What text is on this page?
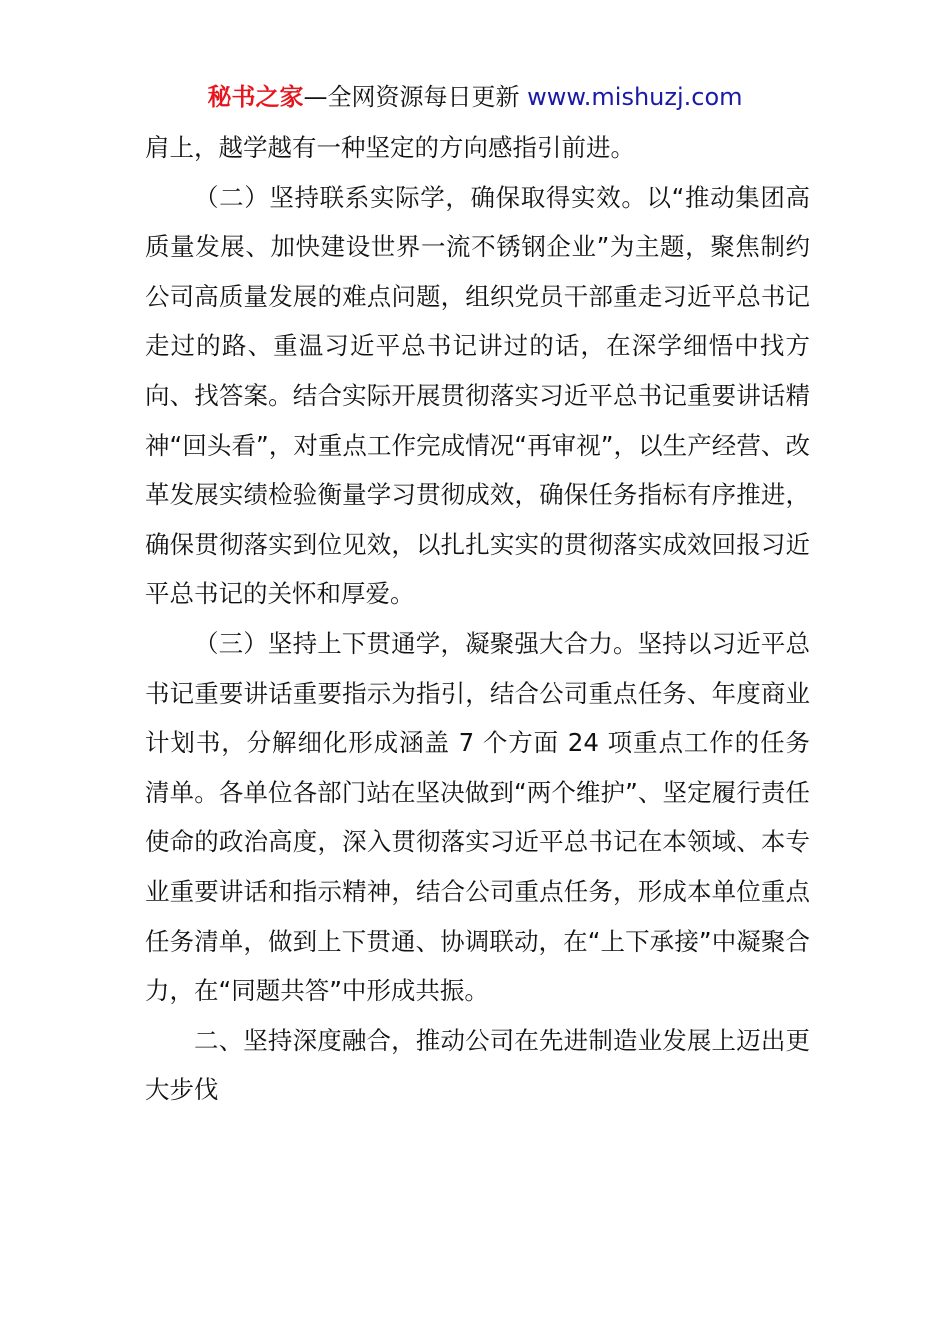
秘书之家—全网资源每日更新 www.mishuzj.com

肩上，越学越有一种坚定的方向感指引前进。

（二）坚持联系实际学，确保取得实效。以“推动集团高质量发展、加快建设世界一流不锈钢企业”为主题，聚焦制约公司高质量发展的难点问题，组织党员干部重走习近平总书记走过的路、重温习近平总书记讲过的话，在深学细悟中找方向、找答案。结合实际开展贯彻落实习近平总书记重要讲话精神“回头看”，对重点工作完成情况“再审视”，以生产经营、改革发展实绩检验衡量学习贯彻成效，确保任务指标有序推进，确保贯彻落实到位见效，以扎扎实实的贯彻落实成效回报习近平总书记的关怀和厚爱。

（三）坚持上下贯通学，凝聚强大合力。坚持以习近平总书记重要讲话重要指示为指引，结合公司重点任务、年度商业计划书，分解细化形成涵盖 7 个方面 24 项重点工作的任务清单。各单位各部门站在坚决做到“两个维护”、坚定履行责任使命的政治高度，深入贯彻落实习近平总书记在本领域、本专业重要讲话和指示精神，结合公司重点任务，形成本单位重点任务清单，做到上下贯通、协调联动，在“上下承接”中凝聚合力，在“同题共答”中形成共振。

二、坚持深度融合，推动公司在先进制造业发展上迈出更大步伐
